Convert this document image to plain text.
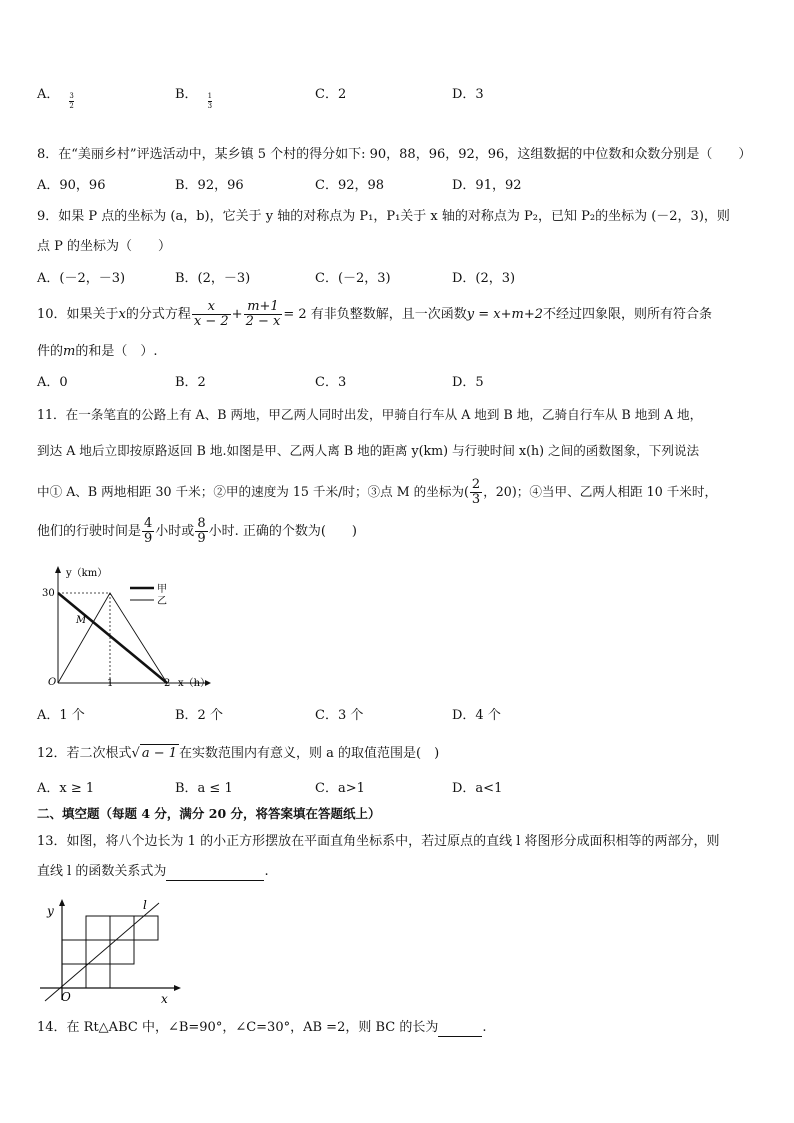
A． $\frac{3}{2}$	B． $\frac{1}{3}$	C．2	D．3
8．在“美丽乡村”评选活动中，某乡镇 5 个村的得分如下: 90，88，96，92，96，这组数据的中位数和众数分别是（　　）
A．90，96	B．92，96	C．92，98	D．91，92
9．如果 P 点的坐标为 (a，b)，它关于 y 轴的对称点为 P₁，P₁关于 x 轴的对称点为 P₂，已知 P₂的坐标为 (－2，3)，则
点 P 的坐标为（　　）
A．(－2，－3)	B．(2，－3)	C．(－2，3)	D．(2，3)
10．如果关于x的分式方程 $\frac{x}{x - 2} + \frac{m+1}{2 - x} = 2$ 有非负整数解，且一次函数y = x+m+2不经过四象限，则所有符合条
件的m的和是（　）.
A．0	B．2	C．3	D．5
11．在一条笔直的公路上有 A、B 两地，甲乙两人同时出发，甲骑自行车从 A 地到 B 地，乙骑自行车从 B 地到 A 地，
到达 A 地后立即按原路返回 B 地.如图是甲、乙两人离 B 地的距离 y(km) 与行驶时间 x(h) 之间的函数图象，下列说法
中① A、B 两地相距 30 千米；②甲的速度为 15 千米/时；③点 M 的坐标为( $\frac{2}{3}$ ，20)；④当甲、乙两人相距 10 千米时，
他们的行驶时间是 $\frac{4}{9}$ 小时或 $\frac{8}{9}$ 小时. 正确的个数为(　　)
y（km）
x（h）
O
30
1	2
M
甲
乙
A．1 个	B．2 个	C．3 个	D．4 个
12．若二次根式√ a − 1 在实数范围内有意义，则 a 的取值范围是(　)
A．x ≥ 1	B．a ≤ 1	C．a>1	D．a<1
二、填空题（每题 4 分，满分 20 分，将答案填在答题纸上）
13．如图，将八个边长为 1 的小正方形摆放在平面直角坐标系中，若过原点的直线 l 将图形分成面积相等的两部分，则
直线 l 的函数关系式为	.
y
x
O
l
14．在 Rt△ABC 中，∠B=90°，∠C=30°，AB =2，则 BC 的长为	.
